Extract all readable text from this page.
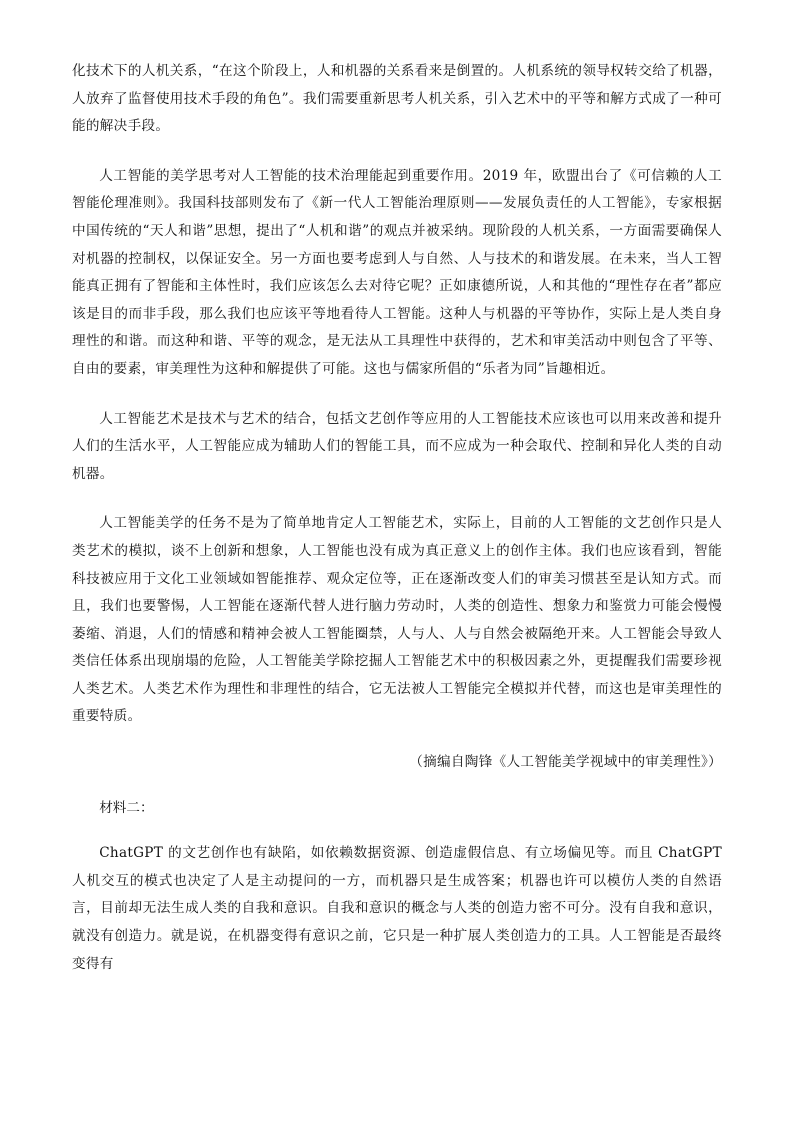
化技术下的人机关系，“在这个阶段上，人和机器的关系看来是倒置的。人机系统的领导权转交给了机器，人放弃了监督使用技术手段的角色”。我们需要重新思考人机关系，引入艺术中的平等和解方式成了一种可能的解决手段。

人工智能的美学思考对人工智能的技术治理能起到重要作用。2019 年，欧盟出台了《可信赖的人工智能伦理准则》。我国科技部则发布了《新一代人工智能治理原则——发展负责任的人工智能》，专家根据中国传统的“天人和谐”思想，提出了“人机和谐”的观点并被采纳。现阶段的人机关系，一方面需要确保人对机器的控制权，以保证安全。另一方面也要考虑到人与自然、人与技术的和谐发展。在未来，当人工智能真正拥有了智能和主体性时，我们应该怎么去对待它呢？正如康德所说，人和其他的“理性存在者”都应该是目的而非手段，那么我们也应该平等地看待人工智能。这种人与机器的平等协作，实际上是人类自身理性的和谐。而这种和谐、平等的观念，是无法从工具理性中获得的，艺术和审美活动中则包含了平等、自由的要素，审美理性为这种和解提供了可能。这也与儒家所倡的“乐者为同”旨趣相近。

人工智能艺术是技术与艺术的结合，包括文艺创作等应用的人工智能技术应该也可以用来改善和提升人们的生活水平，人工智能应成为辅助人们的智能工具，而不应成为一种会取代、控制和异化人类的自动机器。

人工智能美学的任务不是为了简单地肯定人工智能艺术，实际上，目前的人工智能的文艺创作只是人类艺术的模拟，谈不上创新和想象，人工智能也没有成为真正意义上的创作主体。我们也应该看到，智能科技被应用于文化工业领域如智能推荐、观众定位等，正在逐渐改变人们的审美习惯甚至是认知方式。而且，我们也要警惕，人工智能在逐渐代替人进行脑力劳动时，人类的创造性、想象力和鉴赏力可能会慢慢萎缩、消退，人们的情感和精神会被人工智能圈禁，人与人、人与自然会被隔绝开来。人工智能会导致人类信任体系出现崩塌的危险，人工智能美学除挖掘人工智能艺术中的积极因素之外，更提醒我们需要珍视人类艺术。人类艺术作为理性和非理性的结合，它无法被人工智能完全模拟并代替，而这也是审美理性的重要特质。

（摘编自陶锋《人工智能美学视域中的审美理性》）

材料二：

ChatGPT 的文艺创作也有缺陷，如依赖数据资源、创造虚假信息、有立场偏见等。而且 ChatGPT 人机交互的模式也决定了人是主动提问的一方，而机器只是生成答案；机器也许可以模仿人类的自然语言，目前却无法生成人类的自我和意识。自我和意识的概念与人类的创造力密不可分。没有自我和意识，就没有创造力。就是说，在机器变得有意识之前，它只是一种扩展人类创造力的工具。人工智能是否最终变得有
